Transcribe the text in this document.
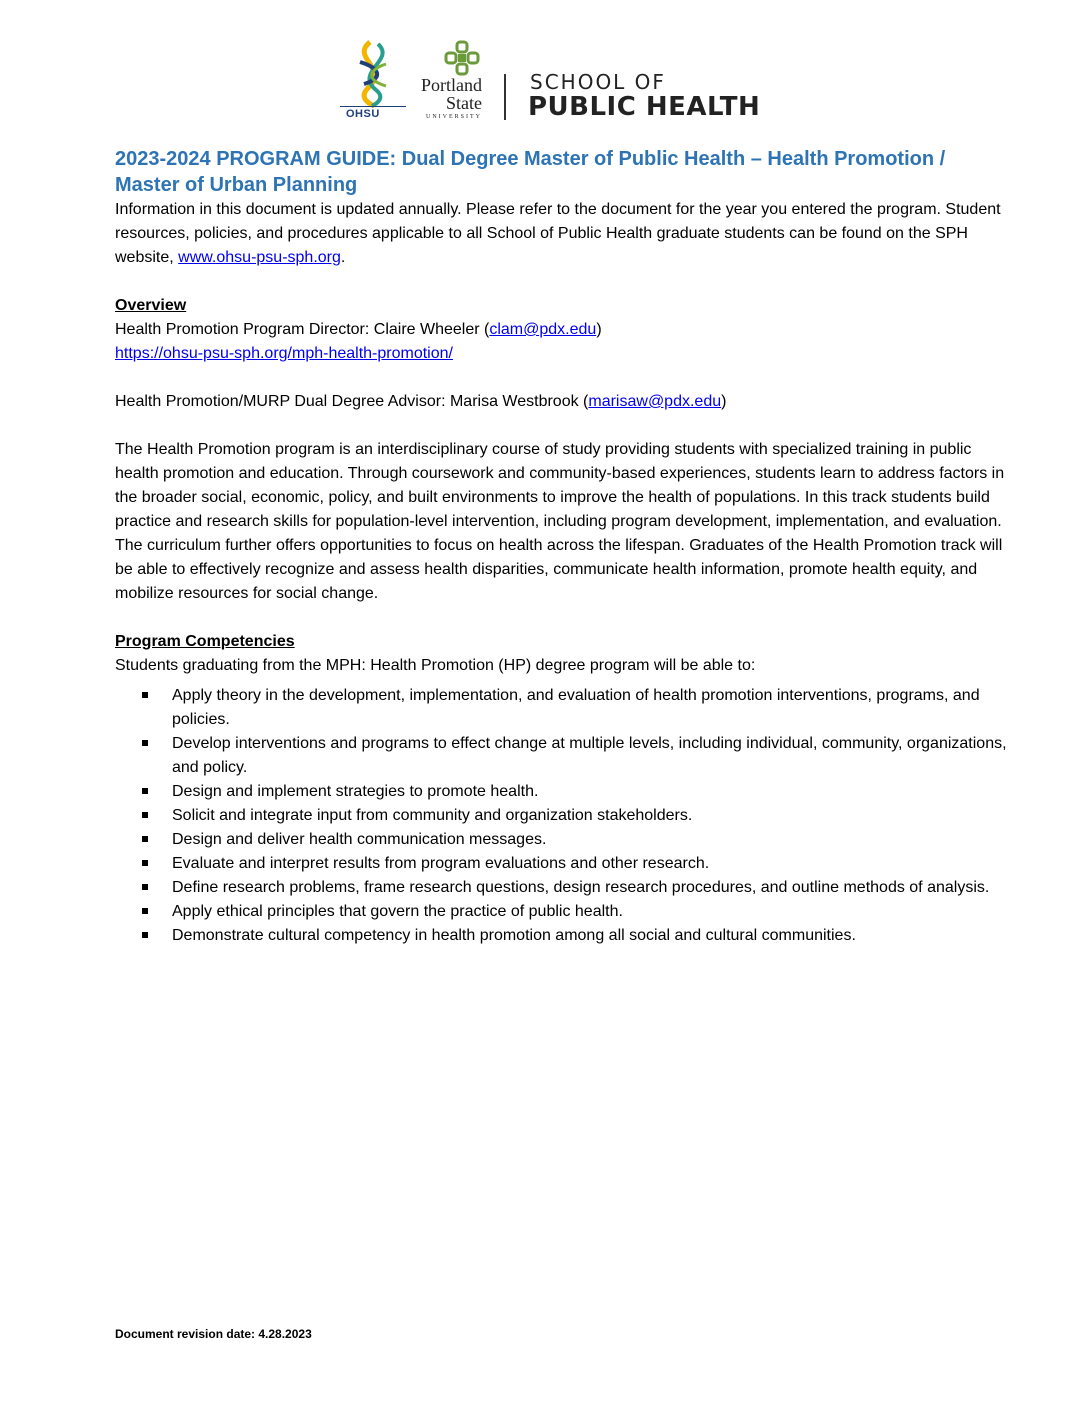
OHSU
Portland
State
UNIVERSITY
SCHOOL OF
PUBLIC HEALTH
2023-2024 PROGRAM GUIDE: Dual Degree Master of Public Health – Health Promotion / Master of Urban Planning

Information in this document is updated annually. Please refer to the document for the year you entered the program. Student resources, policies, and procedures applicable to all School of Public Health graduate students can be found on the SPH website, www.ohsu-psu-sph.org.

Overview

Health Promotion Program Director: Claire Wheeler (clam@pdx.edu)

https://ohsu-psu-sph.org/mph-health-promotion/

Health Promotion/MURP Dual Degree Advisor: Marisa Westbrook (marisaw@pdx.edu)

The Health Promotion program is an interdisciplinary course of study providing students with specialized training in public health promotion and education. Through coursework and community-based experiences, students learn to address factors in the broader social, economic, policy, and built environments to improve the health of populations. In this track students build practice and research skills for population-level intervention, including program development, implementation, and evaluation. The curriculum further offers opportunities to focus on health across the lifespan. Graduates of the Health Promotion track will be able to effectively recognize and assess health disparities, communicate health information, promote health equity, and mobilize resources for social change.

Program Competencies

Students graduating from the MPH: Health Promotion (HP) degree program will be able to:

Apply theory in the development, implementation, and evaluation of health promotion interventions, programs, and policies.
Develop interventions and programs to effect change at multiple levels, including individual, community, organizations, and policy.
Design and implement strategies to promote health.
Solicit and integrate input from community and organization stakeholders.
Design and deliver health communication messages.
Evaluate and interpret results from program evaluations and other research.
Define research problems, frame research questions, design research procedures, and outline methods of analysis.
Apply ethical principles that govern the practice of public health.
Demonstrate cultural competency in health promotion among all social and cultural communities.
Document revision date: 4.28.2023
